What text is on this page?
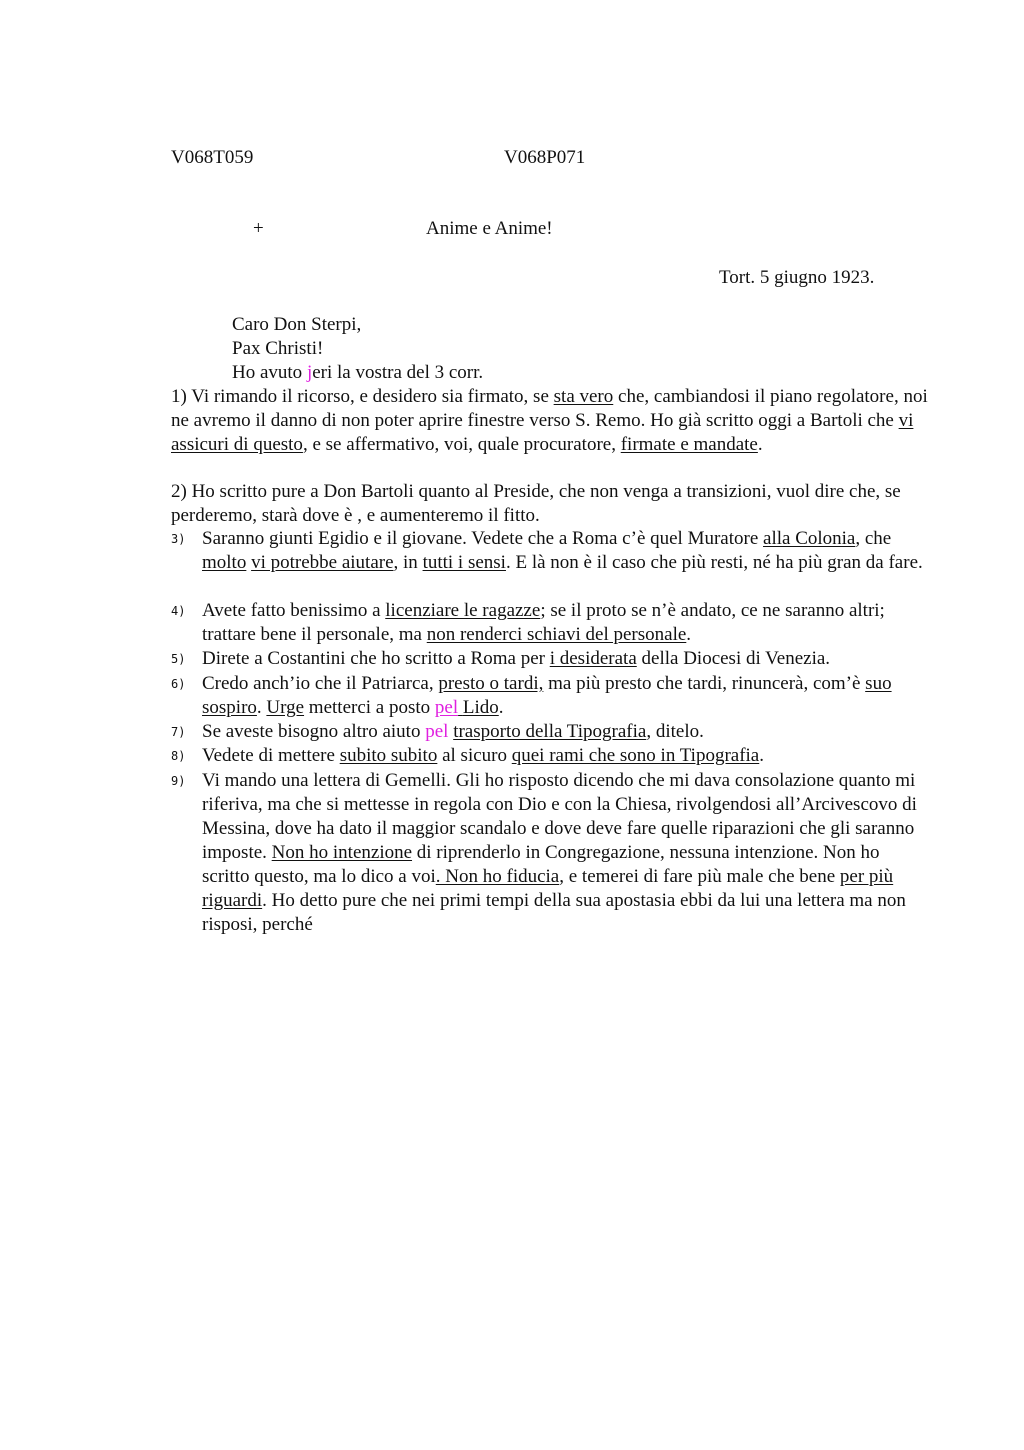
V068T059	V068P071
+	Anime e Anime!
Tort. 5 giugno 1923.
Caro Don Sterpi,
Pax Christi!
Ho avuto jeri la vostra del 3 corr.
1) Vi rimando il ricorso, e desidero sia firmato, se sta vero che, cambiandosi il piano regolatore, noi ne avremo il danno di non poter aprire finestre verso S. Remo. Ho già scritto oggi a Bartoli che vi assicuri di questo, e se affermativo, voi, quale procuratore, firmate e mandate.
2) Ho scritto pure a Don Bartoli quanto al Preside, che non venga a transizioni, vuol dire che, se perderemo, starà dove è , e aumenteremo il fitto.
3) Saranno giunti Egidio e il giovane. Vedete che a Roma c’è quel Muratore alla Colonia, che molto vi potrebbe aiutare, in tutti i sensi. E là non è il caso che più resti, né ha più gran da fare.
4) Avete fatto benissimo a licenziare le ragazze; se il proto se n’è andato, ce ne saranno altri; trattare bene il personale, ma non renderci schiavi del personale.
5) Direte a Costantini che ho scritto a Roma per i desiderata della Diocesi di Venezia.
6) Credo anch’io che il Patriarca, presto o tardi, ma più presto che tardi, rinuncerà, com’è suo sospiro. Urge metterci a posto pel Lido.
7) Se aveste bisogno altro aiuto pel trasporto della Tipografia, ditelo.
8) Vedete di mettere subito subito al sicuro quei rami che sono in Tipografia.
9) Vi mando una lettera di Gemelli. Gli ho risposto dicendo che mi dava consolazione quanto mi riferiva, ma che si mettesse in regola con Dio e con la Chiesa, rivolgendosi all’Arcivescovo di Messina, dove ha dato il maggior scandalo e dove deve fare quelle riparazioni che gli saranno imposte. Non ho intenzione di riprenderlo in Congregazione, nessuna intenzione. Non ho scritto questo, ma lo dico a voi. Non ho fiducia, e temerei di fare più male che bene per più riguardi. Ho detto pure che nei primi tempi della sua apostasia ebbi da lui una lettera ma non risposi, perché
